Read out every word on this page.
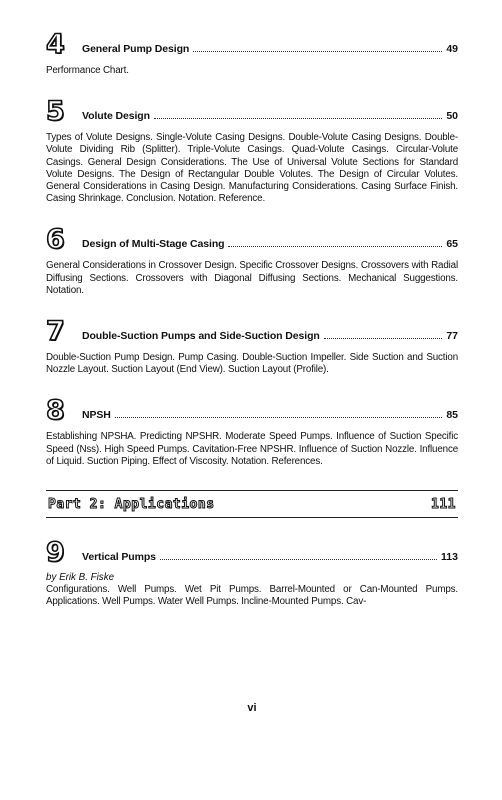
4	General Pump Design	49
Performance Chart.
5	Volute Design	50
Types of Volute Designs. Single-Volute Casing Designs. Double-Volute Casing Designs. Double-Volute Dividing Rib (Splitter). Triple-Volute Casings. Quad-Volute Casings. Circular-Volute Casings. General Design Considerations. The Use of Universal Volute Sections for Standard Volute Designs. The Design of Rectangular Double Volutes. The Design of Circular Volutes. General Considerations in Casing Design. Manufacturing Considerations. Casing Surface Finish. Casing Shrinkage. Conclusion. Notation. Reference.
6	Design of Multi-Stage Casing	65
General Considerations in Crossover Design. Specific Crossover Designs. Crossovers with Radial Diffusing Sections. Crossovers with Diagonal Diffusing Sections. Mechanical Suggestions. Notation.
7	Double-Suction Pumps and Side-Suction Design	77
Double-Suction Pump Design. Pump Casing. Double-Suction Impeller. Side Suction and Suction Nozzle Layout. Suction Layout (End View). Suction Layout (Profile).
8	NPSH	85
Establishing NPSHA. Predicting NPSHR. Moderate Speed Pumps. Influence of Suction Specific Speed (Nss). High Speed Pumps. Cavitation-Free NPSHR. Influence of Suction Nozzle. Influence of Liquid. Suction Piping. Effect of Viscosity. Notation. References.
Part 2: Applications	111
9	Vertical Pumps	113
by Erik B. Fiske
Configurations. Well Pumps. Wet Pit Pumps. Barrel-Mounted or Can-Mounted Pumps. Applications. Well Pumps. Water Well Pumps. Incline-Mounted Pumps. Cav-
vi
